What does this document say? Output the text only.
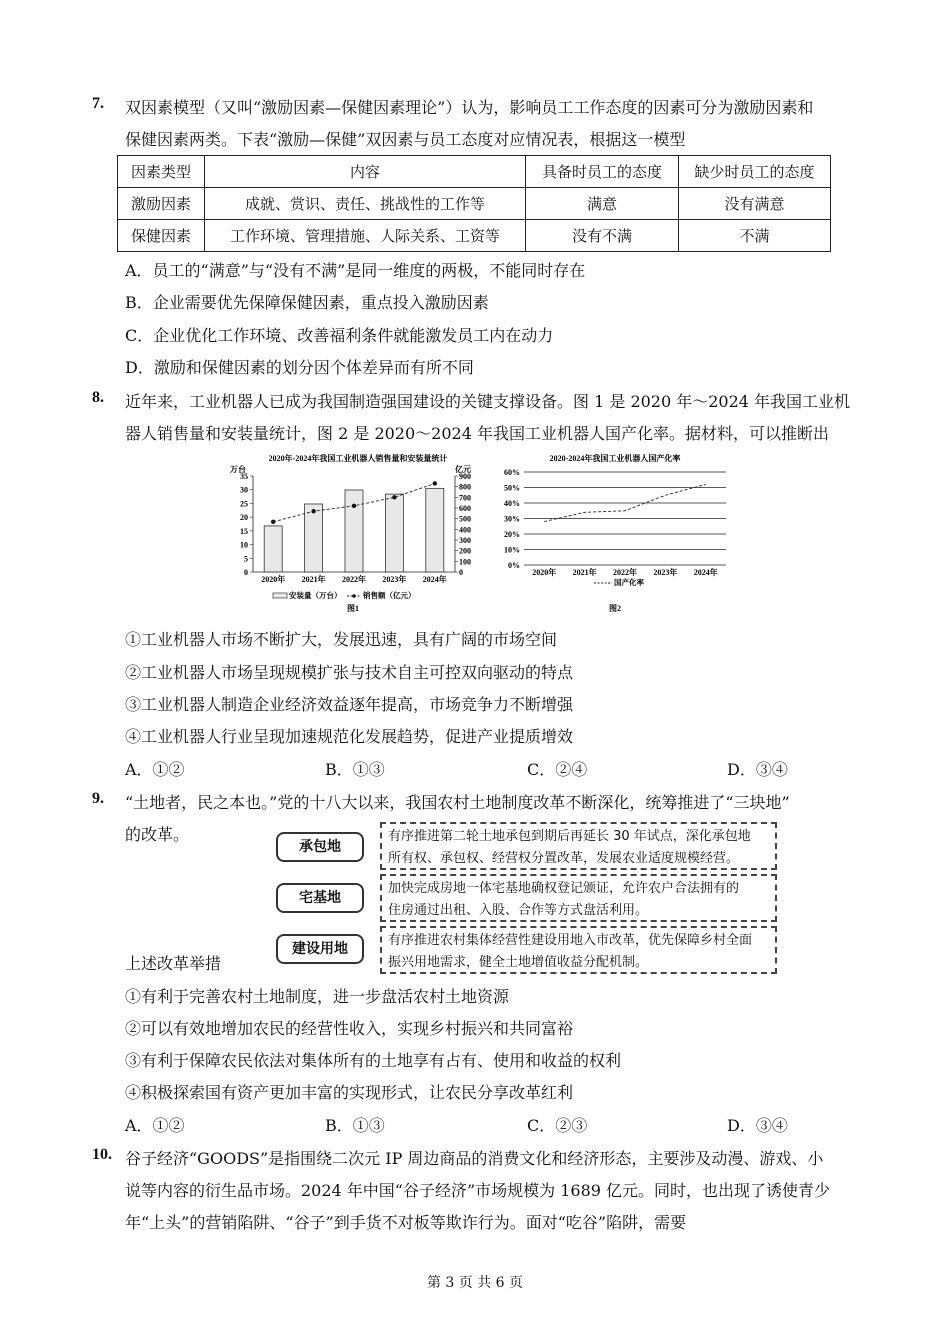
7. 双因素模型（又叫“激励因素—保健因素理论”）认为，影响员工工作态度的因素可分为激励因素和
保健因素两类。下表“激励—保健”双因素与员工态度对应情况表，根据这一模型
因素类型	内容	具备时员工的态度	缺少时员工的态度
激励因素	成就、赏识、责任、挑战性的工作等	满意	没有满意
保健因素	工作环境、管理措施、人际关系、工资等	没有不满	不满
A．员工的“满意”与“没有不满”是同一维度的两极，不能同时存在
B．企业需要优先保障保健因素，重点投入激励因素
C．企业优化工作环境、改善福利条件就能激发员工内在动力
D．激励和保健因素的划分因个体差异而有所不同
8. 近年来，工业机器人已成为我国制造强国建设的关键支撑设备。图 1 是 2020 年～2024 年我国工业机
器人销售量和安装量统计，图 2 是 2020～2024 年我国工业机器人国产化率。据材料，可以推断出
2020年-2024年我国工业机器人销售量和安装量统计
万台	亿元
0
5
10
15
20
25
30
35
0
100
200
300
400
500
600
700
800
900
2020年 2021年 2022年 2023年 2024年
安装量（万台）	销售额（亿元）
图1
2020-2024年我国工业机器人国产化率
0%
10%
20%
30%
40%
50%
60%
2020年 2021年 2022年 2023年 2024年
国产化率
图2
①工业机器人市场不断扩大，发展迅速，具有广阔的市场空间
②工业机器人市场呈现规模扩张与技术自主可控双向驱动的特点
③工业机器人制造企业经济效益逐年提高，市场竞争力不断增强
④工业机器人行业呈现加速规范化发展趋势，促进产业提质增效
A．①②	B．①③	C．②④	D．③④
9. “土地者，民之本也。”党的十八大以来，我国农村土地制度改革不断深化，统筹推进了“三块地”
的改革。
承包地
有序推进第二轮土地承包到期后再延长 30 年试点，深化承包地
所有权、承包权、经营权分置改革，发展农业适度规模经营。
宅基地
加快完成房地一体宅基地确权登记颁证，允许农户合法拥有的
住房通过出租、入股、合作等方式盘活利用。
建设用地
有序推进农村集体经营性建设用地入市改革，优先保障乡村全面
振兴用地需求，健全土地增值收益分配机制。
上述改革举措
①有利于完善农村土地制度，进一步盘活农村土地资源
②可以有效地增加农民的经营性收入，实现乡村振兴和共同富裕
③有利于保障农民依法对集体所有的土地享有占有、使用和收益的权利
④积极探索国有资产更加丰富的实现形式，让农民分享改革红利
A．①②	B．①③	C．②③	D．③④
10. 谷子经济“GOODS”是指围绕二次元 IP 周边商品的消费文化和经济形态，主要涉及动漫、游戏、小
说等内容的衍生品市场。2024 年中国“谷子经济”市场规模为 1689 亿元。同时，也出现了诱使青少
年“上头”的营销陷阱、“谷子”到手货不对板等欺诈行为。面对“吃谷”陷阱，需要
第 3 页 共 6 页
